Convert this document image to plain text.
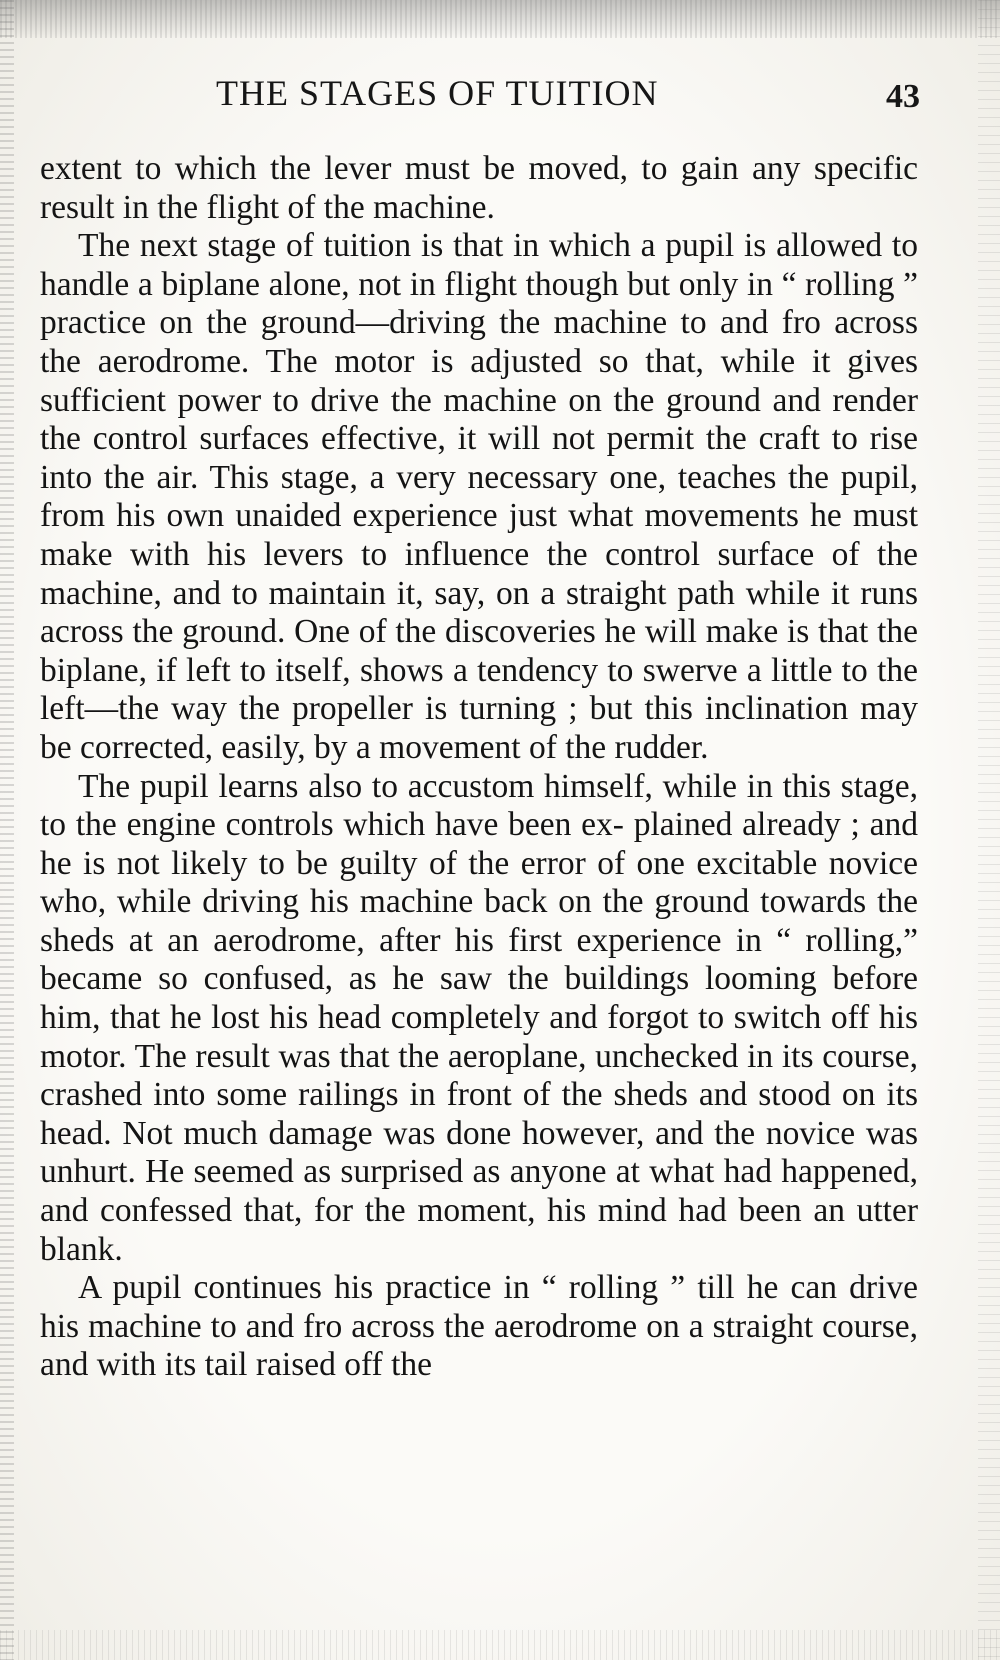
THE STAGES OF TUITION	43

extent to which the lever must be moved, to gain any specific result in the flight of the machine.

The next stage of tuition is that in which a pupil is allowed to handle a biplane alone, not in flight though but only in “ rolling ” practice on the ground—driving the machine to and fro across the aerodrome. The motor is adjusted so that, while it gives sufficient power to drive the machine on the ground and render the control surfaces effective, it will not permit the craft to rise into the air. This stage, a very necessary one, teaches the pupil, from his own unaided experience just what movements he must make with his levers to influence the control surface of the machine, and to maintain it, say, on a straight path while it runs across the ground. One of the discoveries he will make is that the biplane, if left to itself, shows a tendency to swerve a little to the left—the way the propeller is turning ; but this inclination may be corrected, easily, by a movement of the rudder.

The pupil learns also to accustom himself, while in this stage, to the engine controls which have been ex- plained already ; and he is not likely to be guilty of the error of one excitable novice who, while driving his machine back on the ground towards the sheds at an aerodrome, after his first experience in “ rolling,” became so confused, as he saw the buildings looming before him, that he lost his head completely and forgot to switch off his motor. The result was that the aeroplane, unchecked in its course, crashed into some railings in front of the sheds and stood on its head. Not much damage was done however, and the novice was unhurt. He seemed as surprised as anyone at what had happened, and confessed that, for the moment, his mind had been an utter blank.

A pupil continues his practice in “ rolling ” till he can drive his machine to and fro across the aerodrome on a straight course, and with its tail raised off the
